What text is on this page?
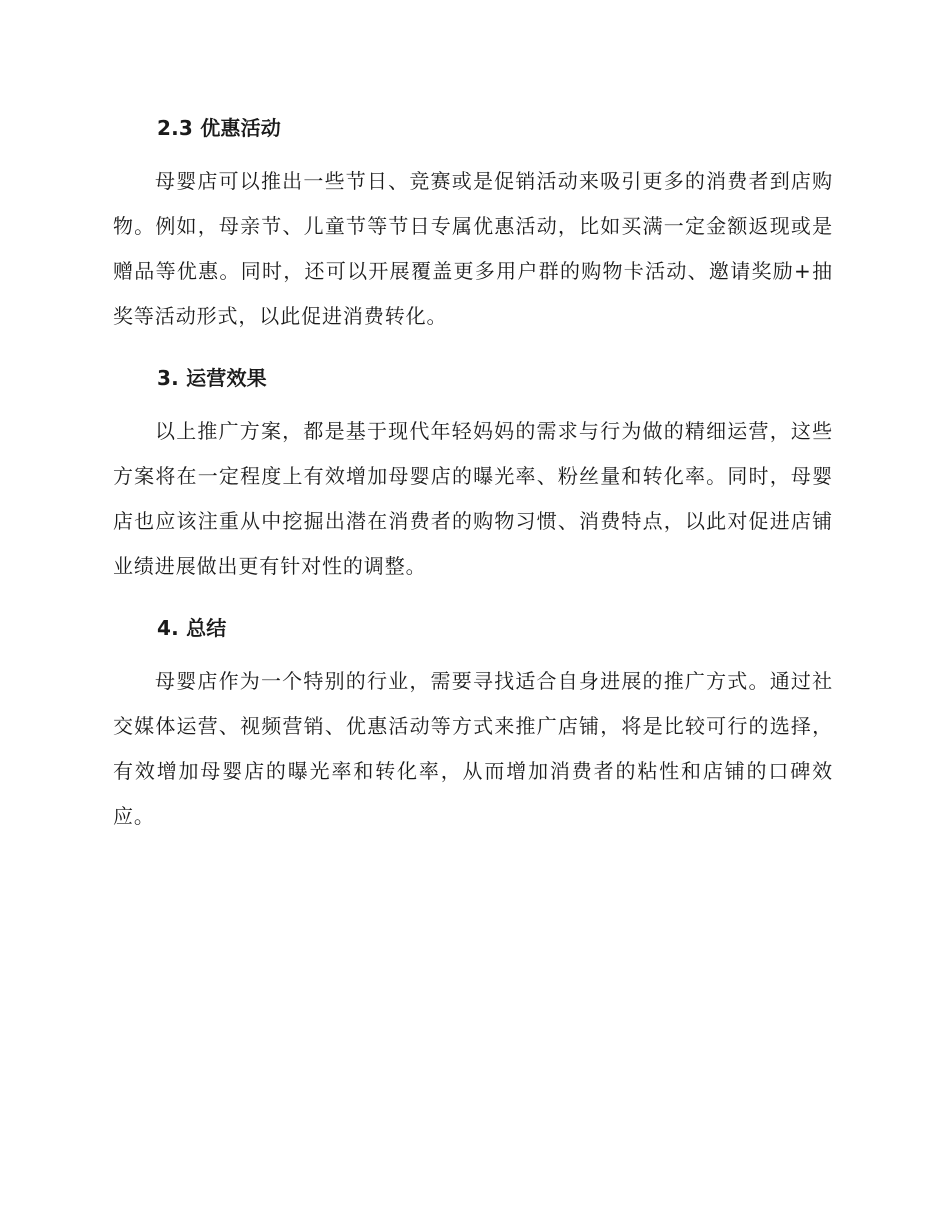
2.3 优惠活动

母婴店可以推出一些节日、竞赛或是促销活动来吸引更多的消费者到店购物。例如，母亲节、儿童节等节日专属优惠活动，比如买满一定金额返现或是赠品等优惠。同时，还可以开展覆盖更多用户群的购物卡活动、邀请奖励+抽奖等活动形式，以此促进消费转化。

3. 运营效果

以上推广方案，都是基于现代年轻妈妈的需求与行为做的精细运营，这些方案将在一定程度上有效增加母婴店的曝光率、粉丝量和转化率。同时，母婴店也应该注重从中挖掘出潜在消费者的购物习惯、消费特点，以此对促进店铺业绩进展做出更有针对性的调整。

4. 总结

母婴店作为一个特别的行业，需要寻找适合自身进展的推广方式。通过社交媒体运营、视频营销、优惠活动等方式来推广店铺，将是比较可行的选择，有效增加母婴店的曝光率和转化率，从而增加消费者的粘性和店铺的口碑效应。
